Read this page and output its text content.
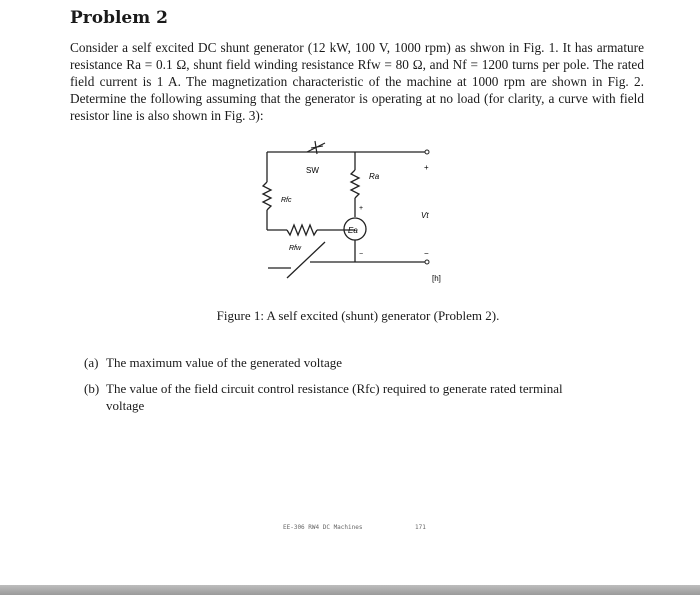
Problem 2

Consider a self excited DC shunt generator (12 kW, 100 V, 1000 rpm) as shwon in Fig. 1. It has armature resistance Ra = 0.1 Ω, shunt field winding resistance Rfw = 80 Ω, and Nf = 1200 turns per pole. The rated field current is 1 A. The magnetization characteristic of the machine at 1000 rpm are shown in Fig. 2. Determine the following assuming that the generator is operating at no load (for clarity, a curve with field resistor line is also shown in Fig. 3):

SW
Ra
Rfc
Rfw
Ea
Vt
+
−
+
−
[h]
Figure 1: A self excited (shunt) generator (Problem 2).

(a) The maximum value of the generated voltage

(b) The value of the field circuit control resistance (Rfc) required to generate rated terminal
voltage

EE-306 RW4 DC Machines	171
